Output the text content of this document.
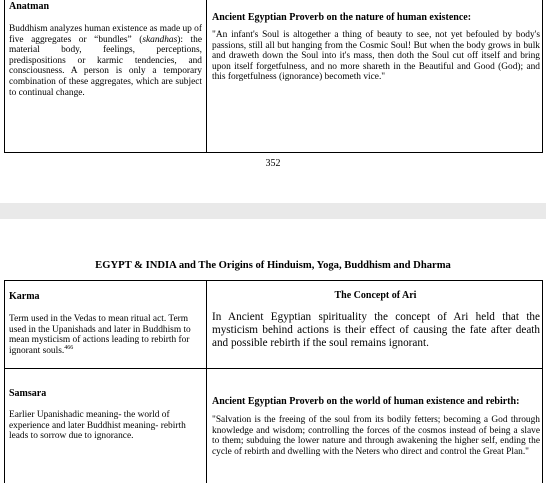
Anatman
Buddhism analyzes human existence as made up of five aggregates or “bundles” (skandhas): the material body, feelings, perceptions, predispositions or karmic tendencies, and consciousness. A person is only a temporary combination of these aggregates, which are subject to continual change.
Ancient Egyptian Proverb on the nature of human existence:
"An infant's Soul is altogether a thing of beauty to see, not yet befouled by body's passions, still all but hanging from the Cosmic Soul! But when the body grows in bulk and draweth down the Soul into it's mass, then doth the Soul cut off itself and bring upon itself forgetfulness, and no more shareth in the Beautiful and Good (God); and this forgetfulness (ignorance) becometh vice."
352
EGYPT & INDIA and The Origins of Hinduism, Yoga, Buddhism and Dharma
Karma
Term used in the Vedas to mean ritual act. Term used in the Upanishads and later in Buddhism to mean mysticism of actions leading to rebirth for ignorant souls.$^{466}$
The Concept of Ari
In Ancient Egyptian spirituality the concept of Ari held that the mysticism behind actions is their effect of causing the fate after death and possible rebirth if the soul remains ignorant.
Samsara
Earlier Upanishadic meaning- the world of experience and later Buddhist meaning- rebirth leads to sorrow due to ignorance.
Ancient Egyptian Proverb on the world of human existence and rebirth:
"Salvation is the freeing of the soul from its bodily fetters; becoming a God through knowledge and wisdom; controlling the forces of the cosmos instead of being a slave to them; subduing the lower nature and through awakening the higher self, ending the cycle of rebirth and dwelling with the Neters who direct and control the Great Plan."
